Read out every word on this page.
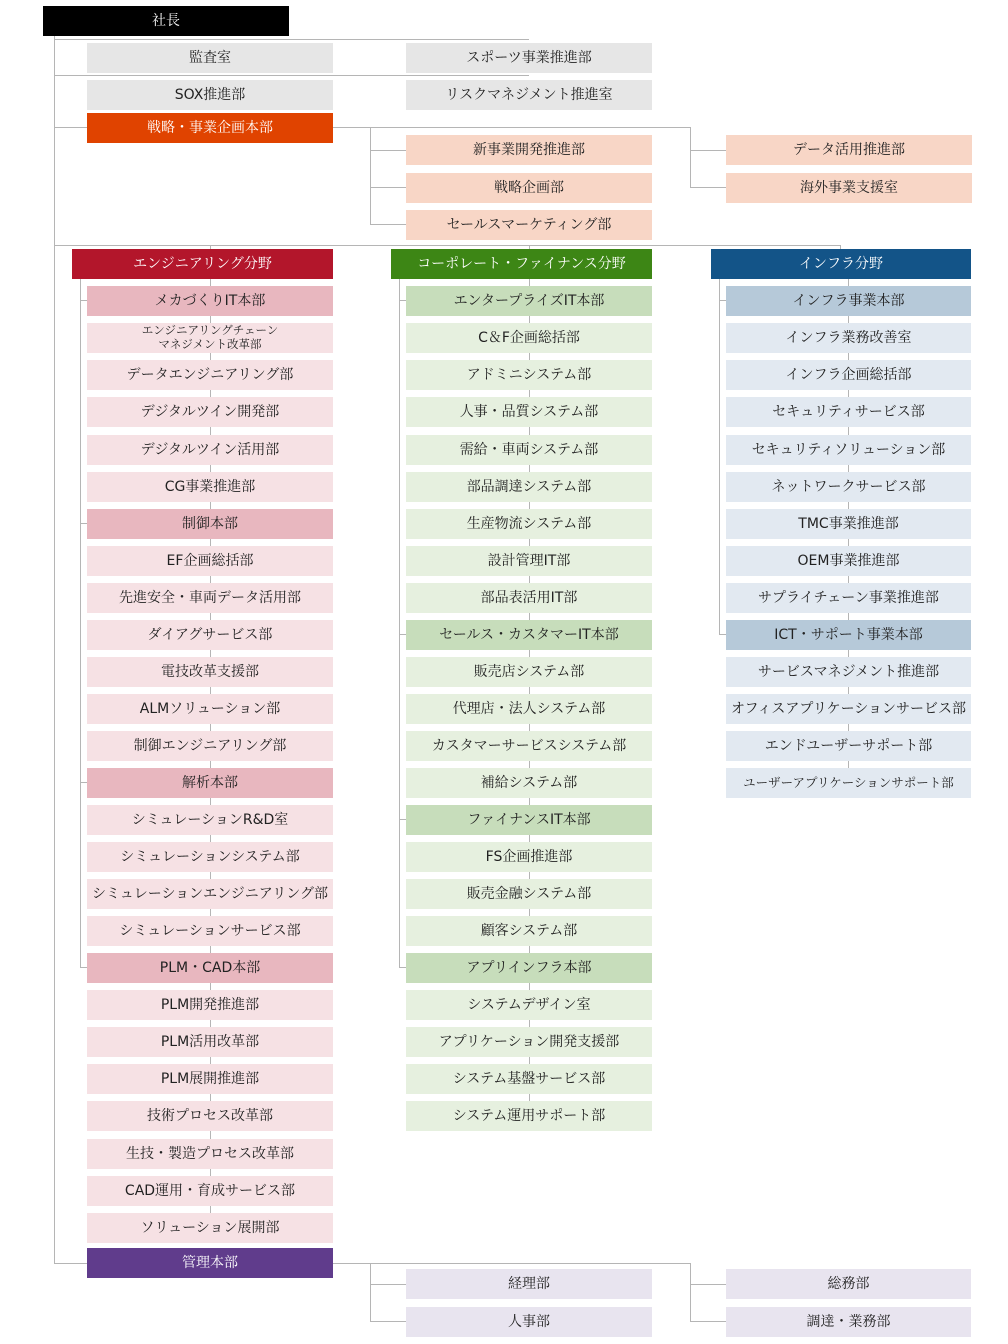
社長
監査室
SOX推進部
スポーツ事業推進部
リスクマネジメント推進室
戦略・事業企画本部
新事業開発推進部
戦略企画部
セールスマーケティング部
データ活用推進部
海外事業支援室
エンジニアリング分野
メカづくりIT本部
エンジニアリングチェーン
マネジメント改革部
データエンジニアリング部
デジタルツイン開発部
デジタルツイン活用部
CG事業推進部
制御本部
EF企画総括部
先進安全・車両データ活用部
ダイアグサービス部
電技改革支援部
ALMソリューション部
制御エンジニアリング部
解析本部
シミュレーションR&D室
シミュレーションシステム部
シミュレーションエンジニアリング部
シミュレーションサービス部
PLM・CAD本部
PLM開発推進部
PLM活用改革部
PLM展開推進部
技術プロセス改革部
生技・製造プロセス改革部
CAD運用・育成サービス部
ソリューション展開部
コーポレート・ファイナンス分野
エンタープライズIT本部
C＆F企画総括部
アドミニシステム部
人事・品質システム部
需給・車両システム部
部品調達システム部
生産物流システム部
設計管理IT部
部品表活用IT部
セールス・カスタマーIT本部
販売店システム部
代理店・法人システム部
カスタマーサービスシステム部
補給システム部
ファイナンスIT本部
FS企画推進部
販売金融システム部
顧客システム部
アプリインフラ本部
システムデザイン室
アプリケーション開発支援部
システム基盤サービス部
システム運用サポート部
インフラ分野
インフラ事業本部
インフラ業務改善室
インフラ企画総括部
セキュリティサービス部
セキュリティソリューション部
ネットワークサービス部
TMC事業推進部
OEM事業推進部
サプライチェーン事業推進部
ICT・サポート事業本部
サービスマネジメント推進部
オフィスアプリケーションサービス部
エンドユーザーサポート部
ユーザーアプリケーションサポート部
管理本部
経理部
人事部
総務部
調達・業務部
